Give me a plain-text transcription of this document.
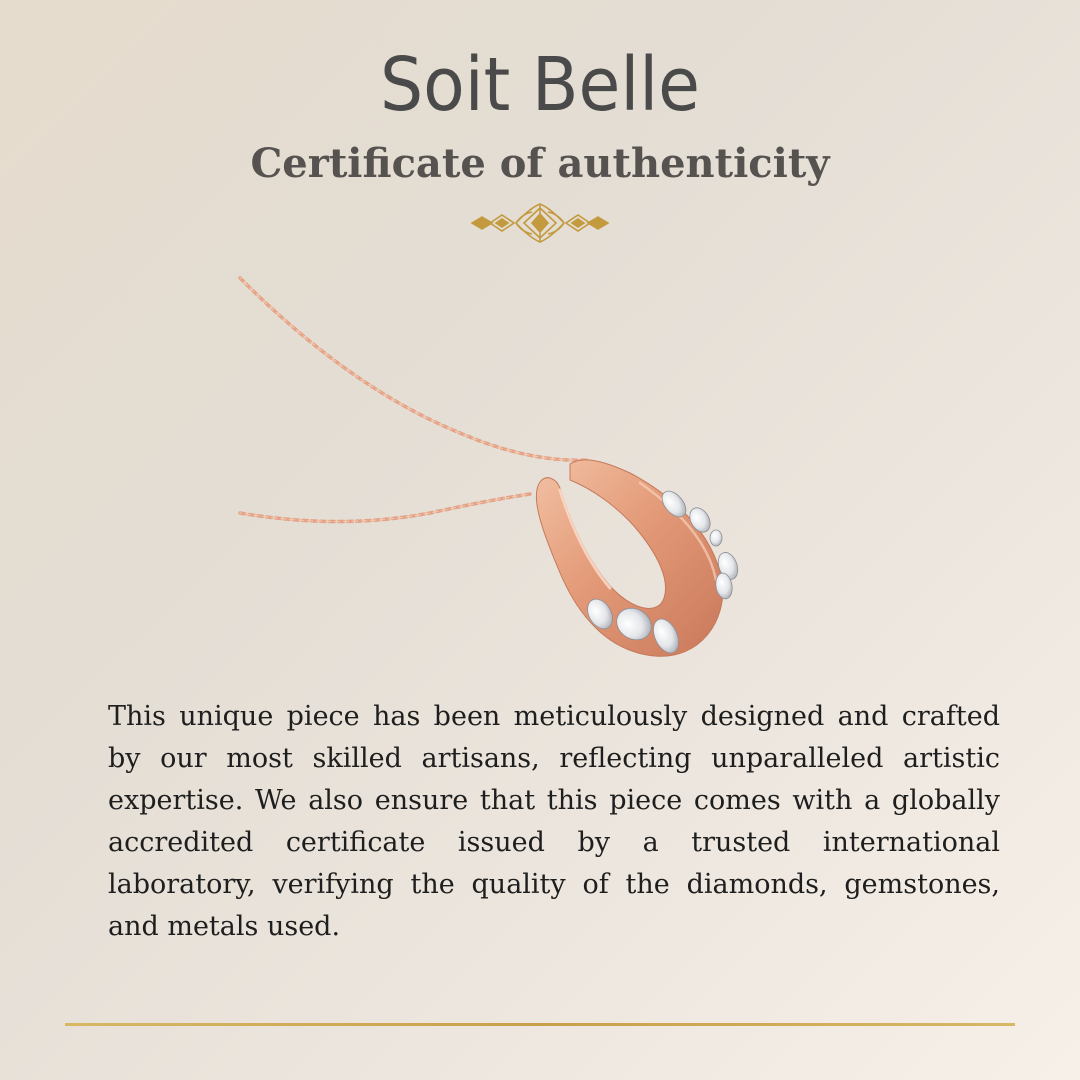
Soit Belle
Certificate of authenticity

This unique piece has been meticulously designed and crafted by our most skilled artisans, reflecting unparalleled artistic expertise. We also ensure that this piece comes with a globally accredited certificate issued by a trusted international laboratory, verifying the quality of the diamonds, gemstones, and metals used.
